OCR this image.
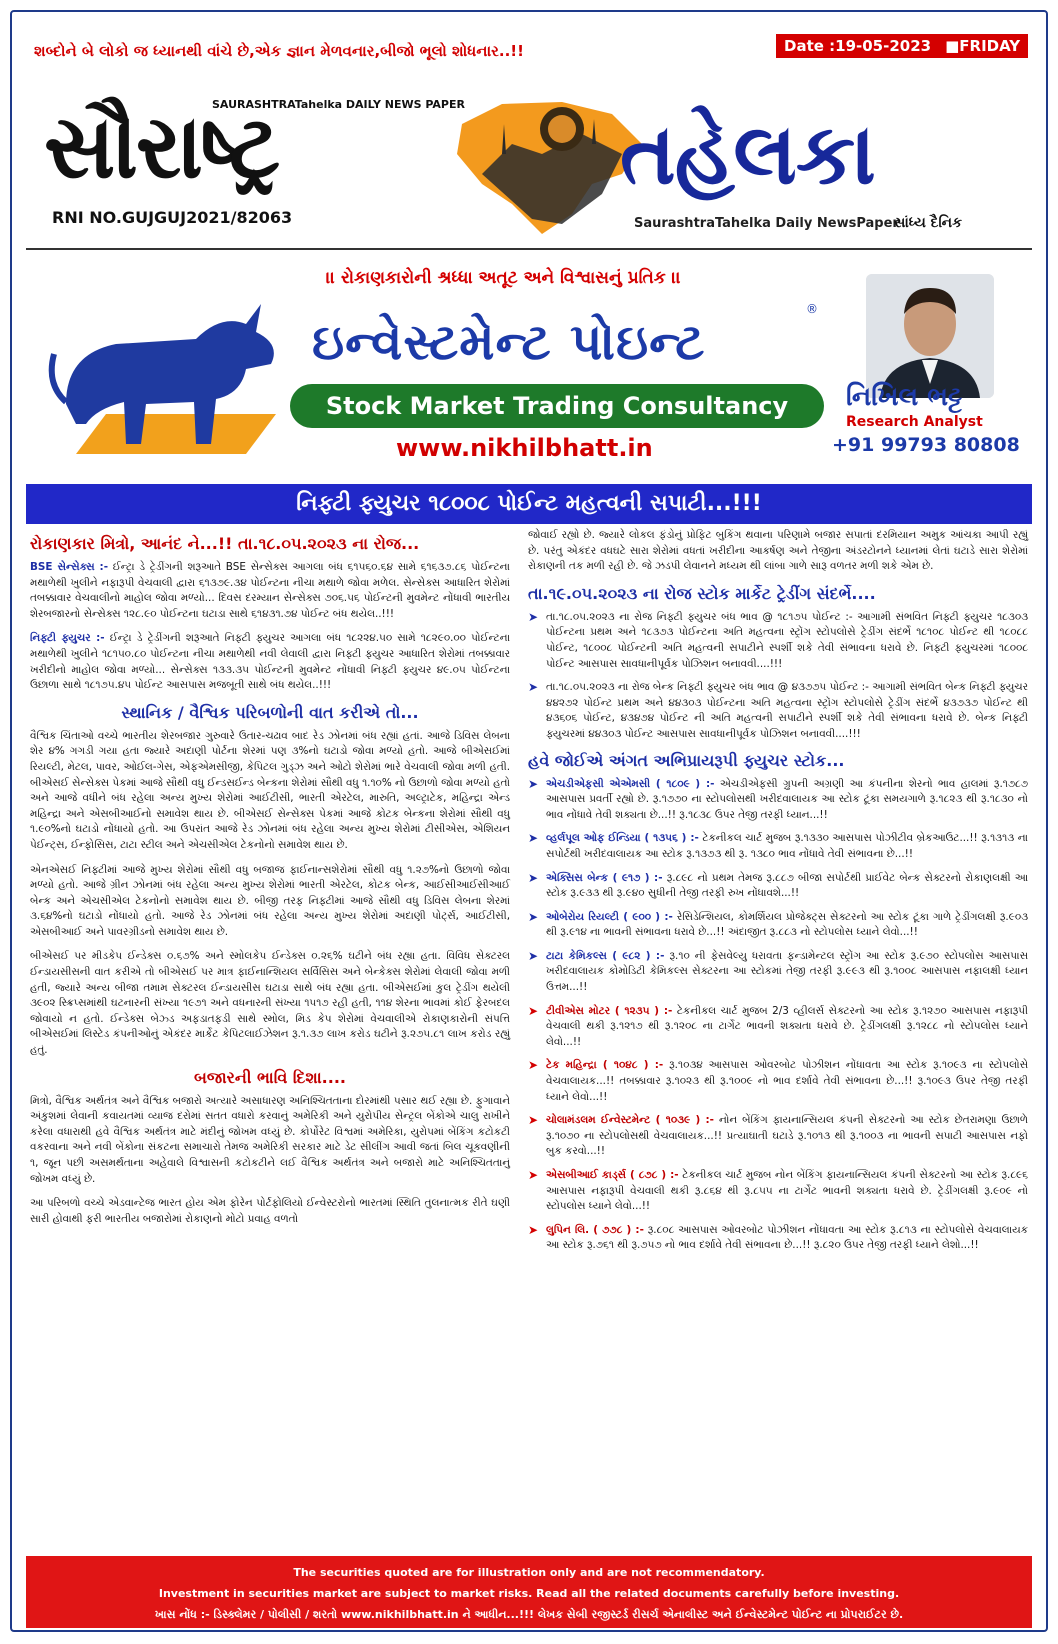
શબ્દોને બે લોકો જ ધ્યાનથી વાંચે છે,એક જ્ઞાન મેળવનાર,બીજો ભૂલો શોધનાર..!!	Date :19-05-2023 ■FRIDAY
સૌરાષ્ટ્ર
SAURASHTRATahelka DAILY NEWS PAPER તહેલકા
RNI NO.GUJGUJ2021/82063	SaurashtraTahelka Daily NewsPaper
સાંધ્ય દૈનિક
।। રોકાણકારોની શ્રધ્ધા અતૂટ અને વિશ્વાસનું પ્રતિક ।।
ઇન્વેસ્ટમેન્ટ પોઇન્ટ
®
Stock Market Trading Consultancy
www.nikhilbhatt.in
નિખિલ ભટ્ટ
Research Analyst
+91 99793 80808
નિફ્ટી ફ્યુચર ૧૮૦૦૮ પોઈન્ટ મહત્વની સપાટી...!!!
રોકાણકાર મિત્રો, આનંદ ને...!! તા.૧૮.૦૫.૨૦૨૩ ના રોજ...

BSE સેન્સેક્સ :- ઈન્ટ્રા ડે ટ્રેડીંગની શરૂઆતે BSE સેન્સેક્સ આગલા બંધ ૬૧૫૬૦.૬૪ સામે ૬૧૬૩૭.૮૬ પોઈન્ટના મથાળેથી ખુલીને નફારૂપી વેચવાલી દ્વારા ૬૧૩૭૯.૩૪ પોઈન્ટના નીચા મથાળે જોવા મળેલ. સેન્સેક્સ આધારિત શેરોમાં તબક્કાવાર વેચવાલીનો માહોલ જોવા મળ્યો... દિવસ દરમ્યાન સેન્સેક્સ ૭૦૬.૫૬ પોઈન્ટની મુવમેન્ટ નોંધાવી ભારતીય શેરબજારનો સેન્સેક્સ ૧૨૮.૯૦ પોઈન્ટના ઘટાડા સાથે ૬૧૪૩૧.૭૪ પોઈન્ટ બંધ થયેલ..!!!

નિફ્ટી ફ્યુચર :- ઈન્ટ્રા ડે ટ્રેડીંગની શરૂઆતે નિફ્ટી ફ્યુચર આગલા બંધ ૧૮૨૨૪.૫૦ સામે ૧૮૨૯૦.૦૦ પોઈન્ટના મથાળેથી ખુલીને ૧૮૧૫૦.૮૦ પોઈન્ટના નીચા મથાળેથી નવી લેવાલી દ્વારા નિફ્ટી ફ્યુચર આધારિત શેરોમાં તબક્કાવાર ખરીદીનો માહોલ જોવા મળ્યો... સેન્સેક્સ ૧૩૩.૩૫ પોઈન્ટની મુવમેન્ટ નોંધાવી નિફ્ટી ફ્યુચર ૪૯.૦૫ પોઈન્ટના ઉછાળા સાથે ૧૮૧૭૫.૪૫ પોઈન્ટ આસપાસ મજબૂતી સાથે બંધ થયેલ..!!!

સ્થાનિક / વૈશ્વિક પરિબળોની વાત કરીએ તો...

વૈશ્વિક ચિંતાઓ વચ્ચે ભારતીય શેરબજાર ગુરુવારે ઉતાર-ચઢાવ બાદ રેડ ઝોનમાં બંધ રહ્યાં હતાં. આજે ડિવિસ લેબના શેર ૪% ગગડી ગયા હતા જ્યારે અદાણી પોર્ટના શેરમાં પણ ૩%નો ઘટાડો જોવા મળ્યો હતો. આજે બીએસઈમાં રિયલ્ટી, મેટલ, પાવર, ઓઈલ-ગેસ, એફએમસીજી, કેપિટલ ગુડ્ઝ અને ઓટો શેરોમાં ભારે વેચવાલી જોવા મળી હતી. બીએસઈ સેન્સેક્સ પેકમાં આજે સૌથી વધુ ઈન્ડસઈન્ડ બેન્કના શેરોમાં સૌથી વધુ ૧.૧૦% નો ઉછાળો જોવા મળ્યો હતો અને આજે વધીને બંધ રહેલા અન્ય મુખ્ય શેરોમાં આઈટીસી, ભારતી એરટેલ, મારુતિ, અલ્ટ્રાટેક, મહિન્દ્રા એન્ડ મહિન્દ્રા અને એસબીઆઈનો સમાવેશ થાય છે. બીએસઈ સેન્સેક્સ પેકમાં આજે કોટક બેન્કના શેરોમાં સૌથી વધુ ૧.૯૦%નો ઘટાડો નોંધાયો હતો. આ ઉપરાંત આજે રેડ ઝોનમાં બંધ રહેલા અન્ય મુખ્ય શેરોમાં ટીસીએસ, એશિયન પેઈન્ટ્સ, ઈન્ફોસિસ, ટાટા સ્ટીલ અને એચસીએલ ટેકનોનો સમાવેશ થાય છે.

એનએસઈ નિફ્ટીમાં આજે મુખ્ય શેરોમાં સૌથી વધુ બજાજ ફાઈનાન્સશેરોમાં સૌથી વધુ ૧.૨૭%નો ઉછાળો જોવા મળ્યો હતો. આજે ગ્રીન ઝોનમાં બંધ રહેલા અન્ય મુખ્ય શેરોમાં ભારતી એરટેલ, કોટક બેન્ક, આઈસીઆઈસીઆઈ બેન્ક અને એચસીએલ ટેકનોનો સમાવેશ થાય છે. બીજી તરફ નિફ્ટીમાં આજે સૌથી વધુ ડિવિસ લેબના શેરમાં ૩.૬૪%નો ઘટાડો નોંધાયો હતો. આજે રેડ ઝોનમાં બંધ રહેલા અન્ય મુખ્ય શેરોમાં અદાણી પોર્ટ્સ, આઈટીસી, એસબીઆઈ અને પાવરગ્રીડનો સમાવેશ થાય છે.

બીએસઈ પર મીડકેપ ઈન્ડેક્સ ૦.૬૭% અને સ્મોલકેપ ઈન્ડેક્સ ૦.૨૬% ઘટીને બંધ રહ્યા હતા. વિવિધ સેક્ટરલ ઈન્ડાયસીસની વાત કરીએ તો બીએસઈ પર માત્ર ફાઈનાન્શિયલ સર્વિસિસ અને બેન્કેક્સ શેરોમાં લેવાલી જોવા મળી હતી, જ્યારે અન્ય બીજા તમામ સેક્ટરલ ઈન્ડાયસીસ ઘટાડા સાથે બંધ રહ્યા હતા. બીએસઈમાં કુલ ટ્રેડીંગ થયેલી ૩૯૦૨ સ્ક્રિપ્સમાંથી ઘટનારની સંખ્યા ૧૯૭૧ અને વધનારની સંખ્યા ૧૫૧૭ રહી હતી, ૧૧૪ શેરના ભાવમાં કોઈ ફેરબદલ જોવાયો ન હતો. ઈન્ડેક્સ બેઝ્ડ અફડાતફડી સાથે સ્મોલ, મિડ કેપ શેરોમાં વેચવાલીએ રોકાણકારોની સંપત્તિ બીએસઈમાં લિસ્ટેડ કંપનીઓનું એકંદર માર્કેટ કેપિટલાઈઝેશન રૂ.૧.૩૭ લાખ કરોડ ઘટીને રૂ.૨૭૫.૮૧ લાખ કરોડ રહ્યું હતું.

બજારની ભાવિ દિશા....

મિત્રો, વૈશ્વિક અર્થતંત્ર અને વૈશ્વિક બજારો અત્યારે અસાધારણ અનિશ્ચિતતાના દોરમાંથી પસાર થઈ રહ્યા છે. ફુગાવાને અંકુશમાં લેવાની કવાયતમાં વ્યાજ દરોમાં સતત વધારો કરવાનું અમેરિકી અને યુરોપીય સેન્ટ્રલ બેંકોએ ચાલુ રાખીને કરેલા વધારાથી હવે વૈશ્વિક અર્થતંત્ર માટે મંદીનું જોખમ વધ્યું છે. કોર્પોરેટ વિશ્વમાં અમેરિકા, યુરોપમાં બેંકિંગ કટોકટી વકરવાના અને નવી બેંકોના સંકટના સમાચારો તેમજ અમેરિકી સરકાર માટે ડેટ સીલીંગ આવી જતાં બિલ ચૂકવણીની ૧, જૂન પછી અસમર્થતાના અહેવાલે વિશ્વાસની કટોકટીને લઈ વૈશ્વિક અર્થતંત્ર અને બજારો માટે અનિશ્ચિતતાનું જોખમ વધ્યું છે.

આ પરિબળો વચ્ચે એડવાન્ટેજ ભારત હોય એમ ફોરેન પોર્ટફોલિયો ઈન્વેસ્ટરોનો ભારતમાં સ્થિતિ તુલનાત્મક રીતે ઘણી સારી હોવાથી ફરી ભારતીય બજારોમાં રોકાણનો મોટો પ્રવાહ વળતો

જોવાઈ રહ્યો છે. જ્યારે લોકલ ફંડોનું પ્રોફિટ બુકિંગ થવાના પરિણામે બજાર સપાતાં દરમિયાન અમુક આંચકા આપી રહ્યું છે. પરંતુ એકંદર વધઘટે સારા શેરોમાં વધતાં ખરીદીના આકર્ષણ અને તેજીના અંડરટોનને ધ્યાનમાં લેતાં ઘટાડે સારા શેરોમાં રોકાણની તક મળી રહી છે. જે ઝડપી લેવાનને મધ્યમ થી લાંબા ગાળે સારૂ વળતર મળી શકે એમ છે.

તા.૧૯.૦૫.૨૦૨૩ ના રોજ સ્ટોક માર્કેટ ટ્રેડીંગ સંદર્ભે....
➤ તા.૧૮.૦૫.૨૦૨૩ ના રોજ નિફ્ટી ફ્યુચર બંધ ભાવ @ ૧૮૧૭૫ પોઈન્ટ :- આગામી સંભવિત નિફ્ટી ફ્યુચર ૧૮૩૦૩ પોઈન્ટના પ્રથમ અને ૧૮૩૭૩ પોઈન્ટના અતિ મહત્વના સ્ટ્રોંગ સ્ટોપલોસે ટ્રેડીંગ સંદર્ભે ૧૮૧૦૮ પોઈન્ટ થી ૧૮૦૮૮ પોઈન્ટ, ૧૮૦૦૮ પોઈન્ટની અતિ મહત્વની સપાટીને સ્પર્શી શકે તેવી સંભાવના ધરાવે છે. નિફ્ટી ફ્યુચરમાં ૧૮૦૦૮ પોઈન્ટ આસપાસ સાવધાનીપૂર્વક પોઝિશન બનાવવી....!!!

➤ તા.૧૮.૦૫.૨૦૨૩ ના રોજ બેન્ક નિફ્ટી ફ્યુચર બંધ ભાવ @ ૪૩૭૭૫ પોઈન્ટ :- આગામી સંભવિત બેન્ક નિફ્ટી ફ્યુચર ૪૪૨૭૨ પોઈન્ટ પ્રથમ અને ૪૪૩૦૩ પોઈન્ટના અતિ મહત્વના સ્ટ્રોંગ સ્ટોપલોસે ટ્રેડીંગ સંદર્ભે ૪૩૭૩૭ પોઈન્ટ થી ૪૩૬૦૬ પોઈન્ટ, ૪૩૪૭૪ પોઈન્ટ ની અતિ મહત્વની સપાટીને સ્પર્શી શકે તેવી સંભાવના ધરાવે છે. બેન્ક નિફ્ટી ફ્યુચરમાં ૪૪૩૦૩ પોઈન્ટ આસપાસ સાવધાનીપૂર્વક પોઝિશન બનાવવી....!!!

હવે જોઈએ અંગત અભિપ્રાયરૂપી ફ્યુચર સ્ટોક...
➤ એચડીએફસી એએમસી ( ૧૮૦૯ ) :- એચડીએફસી ગ્રુપની અગ્રણી આ કંપનીના શેરનો ભાવ હાલમાં રૂ.૧૭૮૭ આસપાસ પ્રવર્તી રહ્યો છે. રૂ.૧૭૭૦ ના સ્ટોપલોસથી ખરીદવાલાયક આ સ્ટોક ટૂંકા સમયગાળે રૂ.૧૮૨૩ થી રૂ.૧૮૩૦ નો ભાવ નોંધાવે તેવી શક્યતા છે...!! રૂ.૧૮૩૮ ઉપર તેજી તરફી ધ્યાન...!!

➤ વ્હર્લપૂલ ઓફ ઈન્ડિયા ( ૧૩૫૬ ) :- ટેકનીકલ ચાર્ટ મુજબ રૂ.૧૩૩૦ આસપાસ પોઝીટીવ બ્રેકઆઉટ...!! રૂ.૧૩૧૩ ના સપોર્ટથી ખરીદવાલાયક આ સ્ટોક રૂ.૧૩૭૩ થી રૂ. ૧૩૮૦ ભાવ નોંધાવે તેવી સંભાવના છે...!!

➤ એક્સિસ બેન્ક ( ૯૧૭ ) :- રૂ.૮૯૮ નો પ્રથમ તેમજ રૂ.૮૮૭ બીજા સપોર્ટથી પ્રાઈવેટ બેન્ક સેક્ટરનો રોકાણલક્ષી આ સ્ટોક રૂ.૯૩૩ થી રૂ.૯૪૦ સુધીની તેજી તરફી રુખ નોંધાવશે...!!

➤ ઓબેરોય રિયલ્ટી ( ૯૦૦ ) :- રેસિડેન્શિયલ, કોમર્શિયલ પ્રોજેક્ટ્સ સેક્ટરનો આ સ્ટોક ટૂંકા ગાળે ટ્રેડીંગલક્ષી રૂ.૯૦૩ થી રૂ.૯૧૪ ના ભાવની સંભાવના ધરાવે છે...!! અંદાજીત રૂ.૮૮૩ નો સ્ટોપલોસ ધ્યાને લેવો...!!

➤ ટાટા કેમિકલ્સ ( ૯૮૨ ) :- રૂ.૧૦ ની ફેસવેલ્યુ ધરાવતા ફન્ડામેન્ટલ સ્ટ્રોંગ આ સ્ટોક રૂ.૯૭૦ સ્ટોપલોસ આસપાસ ખરીદવાલાયક કોમોડિટી કેમિકલ્સ સેક્ટરના આ સ્ટોકમાં તેજી તરફી રૂ.૯૯૩ થી રૂ.૧૦૦૮ આસપાસ નફાલક્ષી ધ્યાન ઉત્તમ...!!

➤ ટીવીએસ મોટર ( ૧૨૩૫ ) :- ટેકનીકલ ચાર્ટ મુજબ 2/3 વ્હીલર્સ સેક્ટરનો આ સ્ટોક રૂ.૧૨૭૦ આસપાસ નફારૂપી વેચવાલી થકી રૂ.૧૨૧૭ થી રૂ.૧૨૦૮ ના ટાર્ગેટ ભાવની શક્યતા ધરાવે છે. ટ્રેડીંગલક્ષી રૂ.૧૨૮૮ નો સ્ટોપલોસ ધ્યાને લેવો...!!

➤ ટેક મહિન્દ્રા ( ૧૦૪૮ ) :- રૂ.૧૦૩૪ આસપાસ ઓવરબોટ પોઝીશન નોંધાવતા આ સ્ટોક રૂ.૧૦૯૩ ના સ્ટોપલોસે વેચવાલાયક...!! તબક્કાવાર રૂ.૧૦૨૩ થી રૂ.૧૦૦૯ નો ભાવ દર્શાવે તેવી સંભાવના છે...!! રૂ.૧૦૯૩ ઉપર તેજી તરફી ધ્યાને લેવો...!!

➤ ચોલામંડલમ ઈન્વેસ્ટમેન્ટ ( ૧૦૩૯ ) :- નોન બેંકિંગ ફાયનાન્સિયલ કંપની સેક્ટરનો આ સ્ટોક છેતરામણા ઉછાળે રૂ.૧૦૭૦ ના સ્ટોપલોસથી વેચવાલાયક...!! પ્રત્યાઘાતી ઘટાડે રૂ.૧૦૧૩ થી રૂ.૧૦૦૩ ના ભાવની સપાટી આસપાસ નફો બુક કરવો...!!

➤ એસબીઆઈ કાર્ડ્સ ( ૮૭૮ ) :- ટેકનીકલ ચાર્ટ મુજબ નોન બેંકિંગ ફાયનાન્સિયલ કંપની સેક્ટરનો આ સ્ટોક રૂ.૮૯૬ આસપાસ નફારૂપી વેચવાલી થકી રૂ.૮૬૪ થી રૂ.૮૫૫ ના ટાર્ગેટ ભાવની શક્યતા ધરાવે છે. ટ્રેડીંગલક્ષી રૂ.૯૦૯ નો સ્ટોપલોસ ધ્યાને લેવો...!!

➤ લુપિન લિ. ( ૭૭૮ ) :- રૂ.૮૦૮ આસપાસ ઓવરબોટ પોઝીશન નોંધાવતા આ સ્ટોક રૂ.૮૧૩ ના સ્ટોપલોસે વેચવાલાયક આ સ્ટોક રૂ.૭૬૧ થી રૂ.૭૫૭ નો ભાવ દર્શાવે તેવી સંભાવના છે...!! રૂ.૮૨૦ ઉપર તેજી તરફી ધ્યાને લેશો...!!

The securities quoted are for illustration only and are not recommendatory.
Investment in securities market are subject to market risks. Read all the related documents carefully before investing.
ખાસ નોંધ :- ડિસ્ક્લેમર / પોલીસી / શરતો www.nikhilbhatt.in ને આધીન...!!! લેખક સેબી રજીસ્ટર્ડ રીસર્ચ એનાલીસ્ટ અને ઈન્વેસ્ટમેન્ટ પોઈન્ટ ના પ્રોપરાઈટર છે.
